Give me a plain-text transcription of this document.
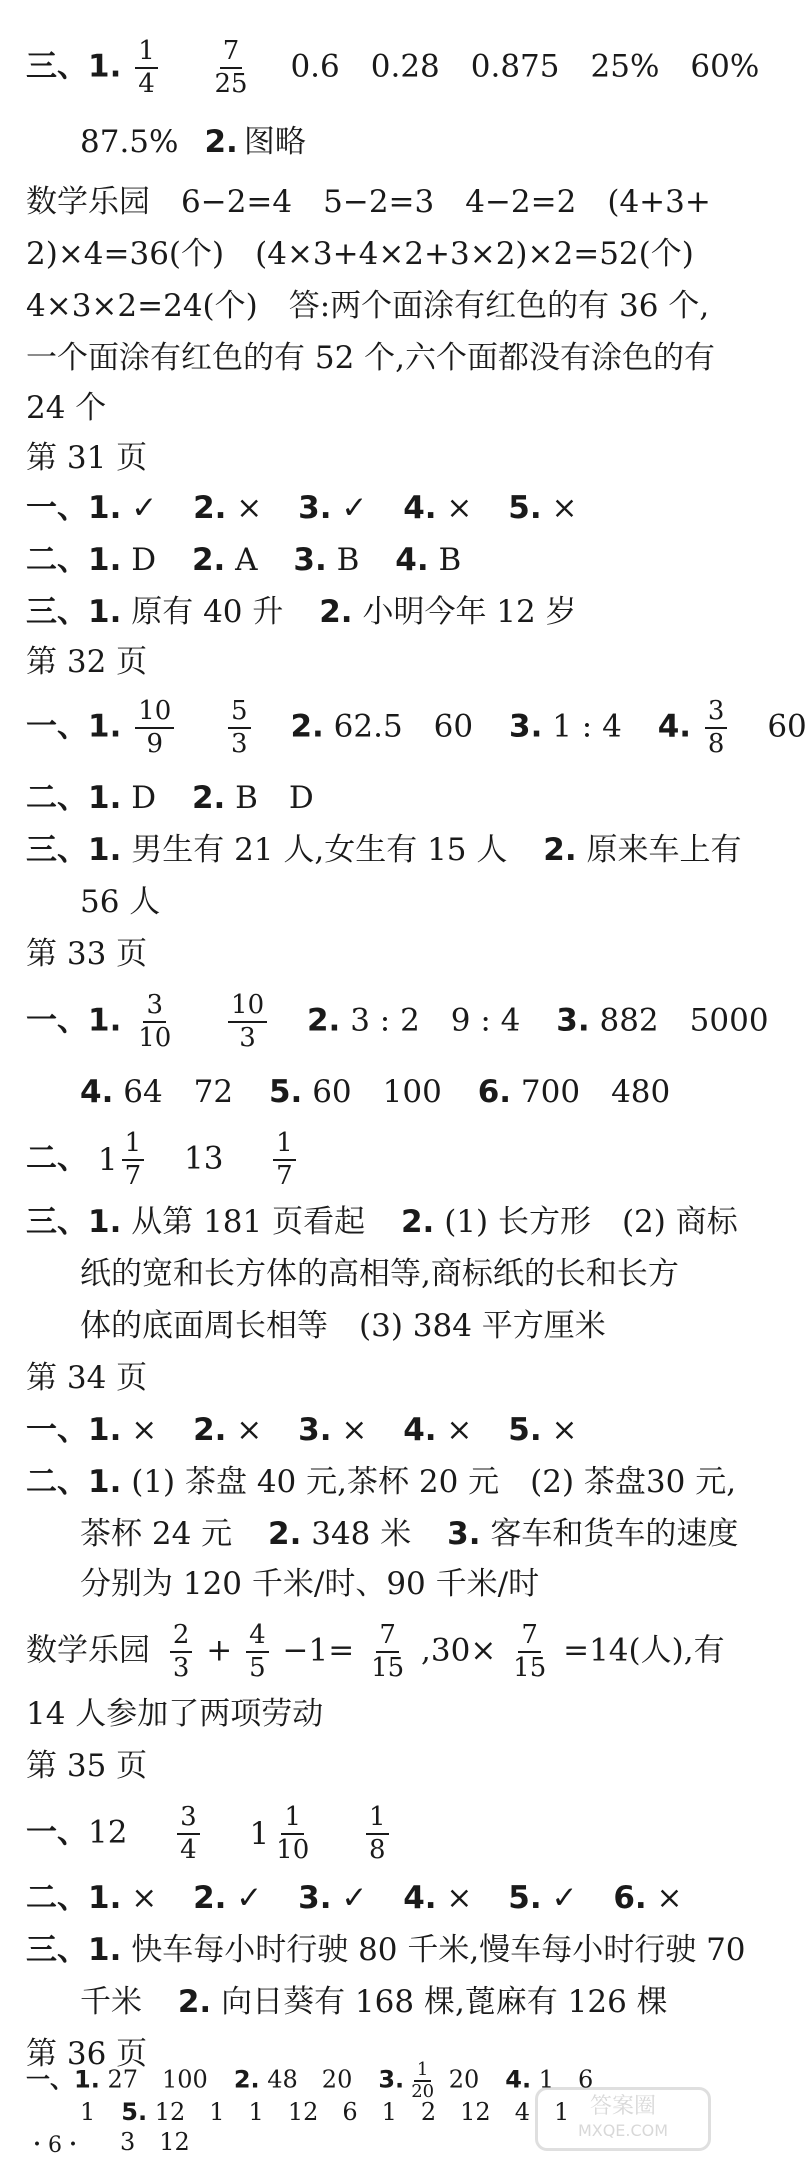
三、1. $\frac{1}{4}$
$\frac{7}{25} 0.6$　0.28　0.875　25%　60%
87.5% 2. 图略
数学乐园　6−2=4　5−2=3　4−2=2　(4+3+
2)×4=36(个)　(4×3+4×2+3×2)×2=52(个)
4×3×2=24(个)　答:两个面涂有红色的有 36 个,
一个面涂有红色的有 52 个,六个面都没有涂色的有
24 个
第 31 页
一、1. ✓ 2. × 3. ✓ 4. × 5. ×
二、1. D 2. A 3. B 4. B
三、1. 原有 40 升 2. 小明今年 12 岁
第 32 页
一、1. $\frac{10}{9}$
$\frac{5}{3} 2$. 62.5　60 3. 1 : 4 4. $\frac{3}{8} 60$
二、1. D 2. B　D
三、1. 男生有 21 人,女生有 15 人 2. 原来车上有
56 人
第 33 页
一、1. $\frac{3}{10}$
$\frac{10}{3} 2$. 3 : 2　9 : 4 3. 882　5000
4. 64　72 5. 60　100 6. 700　480
二、 $1 \frac{1}{7} 13 \frac{1}{7}$
三、1. 从第 181 页看起 2. (1) 长方形　(2) 商标
纸的宽和长方体的高相等,商标纸的长和长方
体的底面周长相等　(3) 384 平方厘米
第 34 页
一、1. × 2. × 3. × 4. × 5. ×
二、1. (1) 茶盘 40 元,茶杯 20 元　(2) 茶盘30 元,
茶杯 24 元 2. 348 米 3. 客车和货车的速度
分别为 120 千米/时、90 千米/时
数学乐园 $\frac{2}{3} + \frac{4}{5} -1= \frac{7}{15} ,30\times \frac{7}{15} =14$(人),有
14 人参加了两项劳动
第 35 页
一、$12 \frac{3}{4}$
$1 \frac{1}{10}$
$\frac{1}{8}$
二、1. × 2. ✓ 3. ✓ 4. × 5. ✓ 6. ×
三、1. 快车每小时行驶 80 千米,慢车每小时行驶 70
千米 2. 向日葵有 168 棵,蓖麻有 126 棵
第 36 页
・6・
答案圈
MXQE.COM
一、1. 27　100 2. 48　20 3. $\frac{1}{20} 20$ 4. 1　6
1 5. 12　1　1　12　6　1　2　12　4　1
3　12
